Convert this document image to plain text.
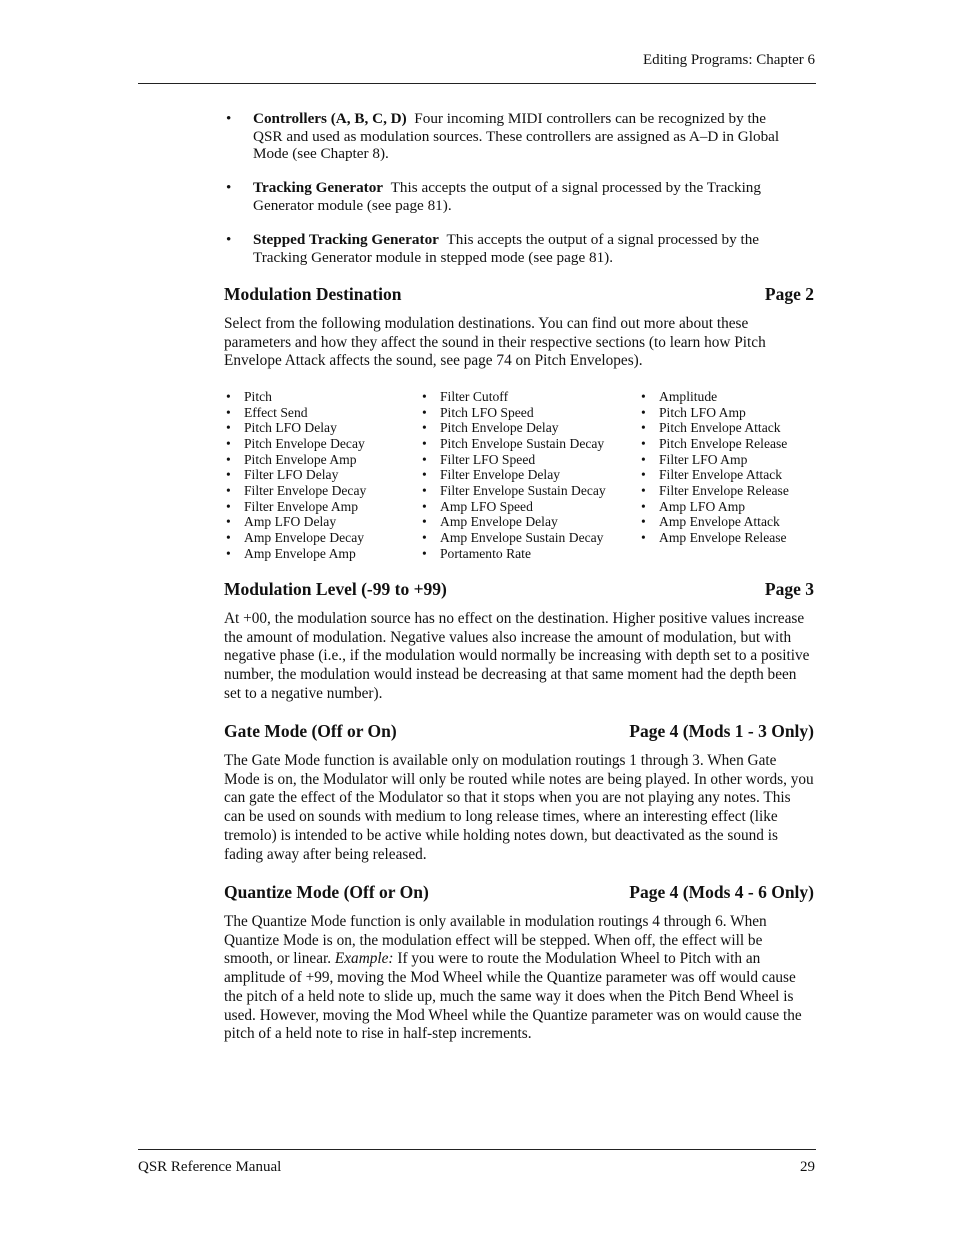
Editing Programs: Chapter 6
• Controllers (A, B, C, D) Four incoming MIDI controllers can be recognized by the QSR and used as modulation sources. These controllers are assigned as A–D in Global Mode (see Chapter 8).
• Tracking Generator This accepts the output of a signal processed by the Tracking Generator module (see page 81).
• Stepped Tracking Generator This accepts the output of a signal processed by the Tracking Generator module in stepped mode (see page 81).
Modulation Destination	Page 2

Select from the following modulation destinations. You can find out more about these parameters and how they affect the sound in their respective sections (to learn how Pitch Envelope Attack affects the sound, see page 74 on Pitch Envelopes).

• Pitch
• Effect Send
• Pitch LFO Delay
• Pitch Envelope Decay
• Pitch Envelope Amp
• Filter LFO Delay
• Filter Envelope Decay
• Filter Envelope Amp
• Amp LFO Delay
• Amp Envelope Decay
• Amp Envelope Amp
• Filter Cutoff
• Pitch LFO Speed
• Pitch Envelope Delay
• Pitch Envelope Sustain Decay
• Filter LFO Speed
• Filter Envelope Delay
• Filter Envelope Sustain Decay
• Amp LFO Speed
• Amp Envelope Delay
• Amp Envelope Sustain Decay
• Portamento Rate
• Amplitude
• Pitch LFO Amp
• Pitch Envelope Attack
• Pitch Envelope Release
• Filter LFO Amp
• Filter Envelope Attack
• Filter Envelope Release
• Amp LFO Amp
• Amp Envelope Attack
• Amp Envelope Release
Modulation Level (-99 to +99)	Page 3

At +00, the modulation source has no effect on the destination. Higher positive values increase the amount of modulation. Negative values also increase the amount of modulation, but with negative phase (i.e., if the modulation would normally be increasing with depth set to a positive number, the modulation would instead be decreasing at that same moment had the depth been set to a negative number).

Gate Mode (Off or On)	Page 4 (Mods 1 - 3 Only)

The Gate Mode function is available only on modulation routings 1 through 3. When Gate Mode is on, the Modulator will only be routed while notes are being played. In other words, you can gate the effect of the Modulator so that it stops when you are not playing any notes. This can be used on sounds with medium to long release times, where an interesting effect (like tremolo) is intended to be active while holding notes down, but deactivated as the sound is fading away after being released.

Quantize Mode (Off or On)	Page 4 (Mods 4 - 6 Only)

The Quantize Mode function is only available in modulation routings 4 through 6. When Quantize Mode is on, the modulation effect will be stepped. When off, the effect will be smooth, or linear. Example: If you were to route the Modulation Wheel to Pitch with an amplitude of +99, moving the Mod Wheel while the Quantize parameter was off would cause the pitch of a held note to slide up, much the same way it does when the Pitch Bend Wheel is used. However, moving the Mod Wheel while the Quantize parameter was on would cause the pitch of a held note to rise in half-step increments.

QSR Reference Manual	29
